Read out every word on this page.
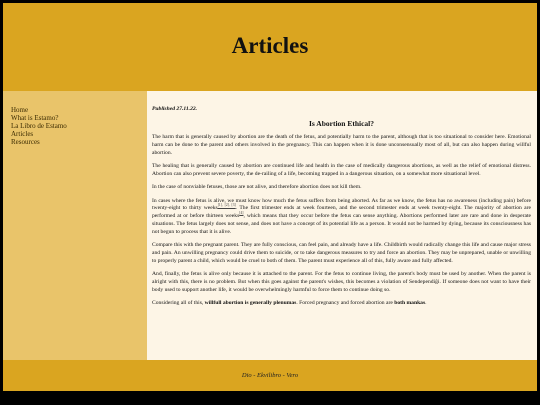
Articles
Home
What is Estamo?
La Libro de Estamo
Articles
Resources

Published 27.11.22.

Is Abortion Ethical?

The harm that is generally caused by abortion are the death of the fetus, and potentially harm to the parent, although that is too situational to consider here. Emotional harm can be done to the parent and others involved in the pregnancy. This can happen when it is done unconsensually most of all, but can also happen during willful abortion.

The healing that is generally caused by abortion are continued life and health in the case of medically dangerous abortions, as well as the relief of emotional distress. Abortion can also prevent severe poverty, the de-railing of a life, becoming trapped in a dangerous situation, on a somewhat more situational level.

In the case of nonviable fetuses, those are not alive, and therefore abortion does not kill them.

In cases where the fetus is alive, we must know how much the fetus suffers from being aborted. As far as we know, the fetus has no awareness (including pain) before twenty-eight to thirty weeks[1], [2], [3]. The first trimester ends at week fourteen, and the second trimester ends at week twenty-eight. The majority of abortion are performed at or before thirteen weeks[4], which means that they occur before the fetus can sense anything. Abortions performed later are rare and done in desperate situations. The fetus largely does not sense, and does not have a concept of its potential life as a person. It would not be harmed by dying, because its consciousness has not begun to process that it is alive.

Compare this with the pregnant parent. They are fully conscious, can feel pain, and already have a life. Childbirth would radically change this life and cause major stress and pain. An unwilling pregnancy could drive them to suicide, or to take dangerous measures to try and force an abortion. They may be unprepared, unable or unwilling to properly parent a child, which would be cruel to both of them. The parent must experience all of this, fully aware and fully affected.

And, finally, the fetus is alive only because it is attached to the parent. For the fetus to continue living, the parent's body must be used by another. When the parent is alright with this, there is no problem. But when this goes against the parent's wishes, this becomes a violation of Sendependiĝi. If someone does not want to have their body used to support another life, it would be overwhelmingly harmful to force them to continue doing so.

Considering all of this, willfull abortion is generally plenumas. Forced pregnancy and forced abortion are both mankas.

Dio - Ekvilibro - Vero
